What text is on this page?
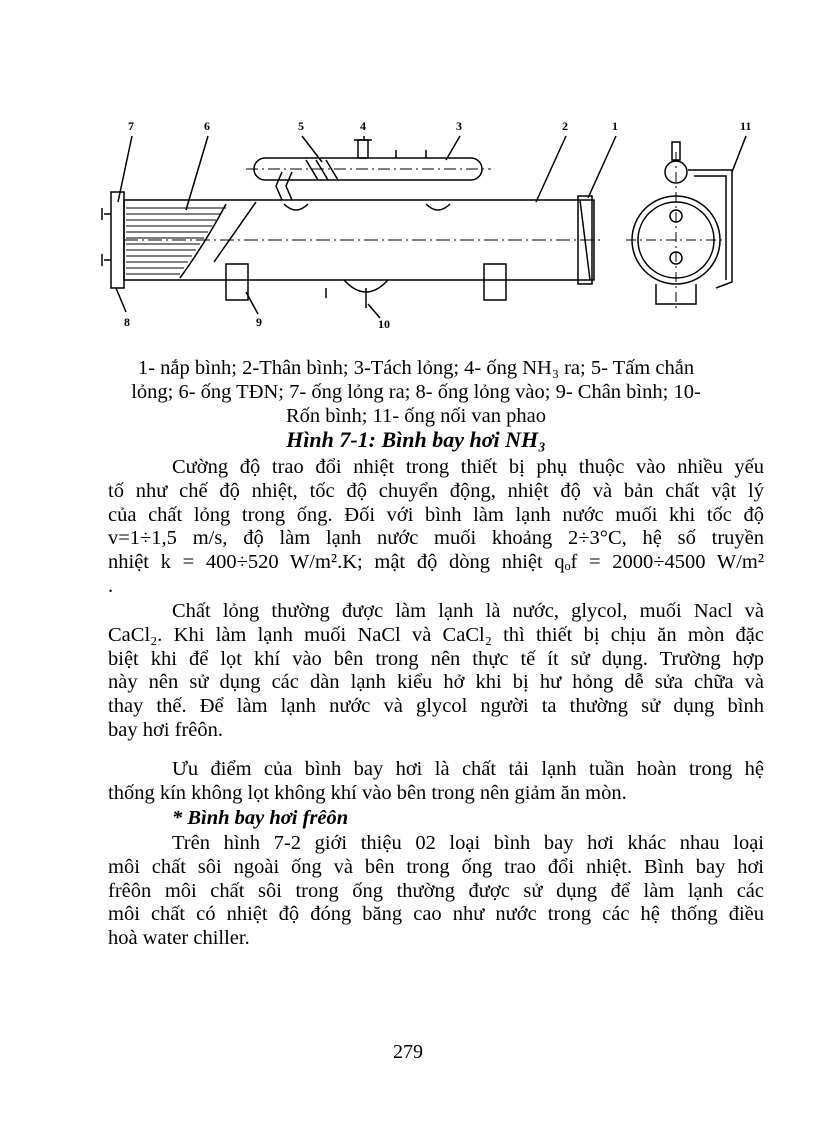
7	6	5	4	3	2	1	11
8	9	10
1- nắp bình; 2-Thân bình; 3-Tách lỏng; 4- ống NH₃ ra; 5- Tấm chắn
lỏng; 6- ống TĐN; 7- ống lỏng ra; 8- ống lỏng vào; 9- Chân bình; 10-
Rốn bình; 11- ống nối van phao
Hình 7-1: Bình bay hơi NH₃
Cường độ trao đổi nhiệt trong thiết bị phụ thuộc vào nhiều yếu
tố như chế độ nhiệt, tốc độ chuyển động, nhiệt độ và bản chất vật lý
của chất lỏng trong ống. Đối với bình làm lạnh nước muối khi tốc độ
v=1÷1,5 m/s, độ làm lạnh nước muối khoảng 2÷3°C, hệ số truyền
nhiệt k = 400÷520 W/m².K; mật độ dòng nhiệt qₒf = 2000÷4500 W/m²
.
Chất lỏng thường được làm lạnh là nước, glycol, muối Nacl và
CaCl₂. Khi làm lạnh muối NaCl và CaCl₂ thì thiết bị chịu ăn mòn đặc
biệt khi để lọt khí vào bên trong nên thực tế ít sử dụng. Trường hợp
này nên sử dụng các dàn lạnh kiểu hở khi bị hư hỏng dễ sửa chữa và
thay thế. Để làm lạnh nước và glycol người ta thường sử dụng bình
bay hơi frêôn.
Ưu điểm của bình bay hơi là chất tải lạnh tuần hoàn trong hệ
thống kín không lọt không khí vào bên trong nên giảm ăn mòn.
* Bình bay hơi frêôn
Trên hình 7-2 giới thiệu 02 loại bình bay hơi khác nhau loại
môi chất sôi ngoài ống và bên trong ống trao đổi nhiệt. Bình bay hơi
frêôn môi chất sôi trong ống thường được sử dụng để làm lạnh các
môi chất có nhiệt độ đóng băng cao như nước trong các hệ thống điều
hoà water chiller.
279
